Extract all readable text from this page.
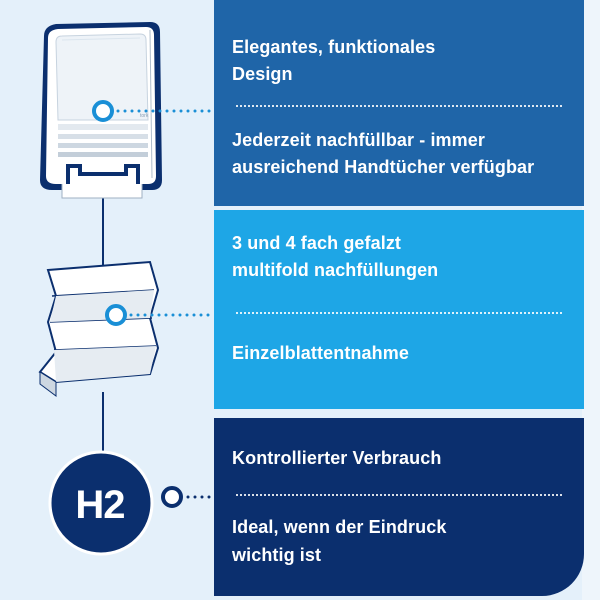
tork
H2
Elegantes, funktionales
Design
Jederzeit nachfüllbar - immer
ausreichend Handtücher verfügbar
3 und 4 fach gefalzt
multifold nachfüllungen
Einzelblattentnahme
Kontrollierter Verbrauch
Ideal, wenn der Eindruck
wichtig ist
